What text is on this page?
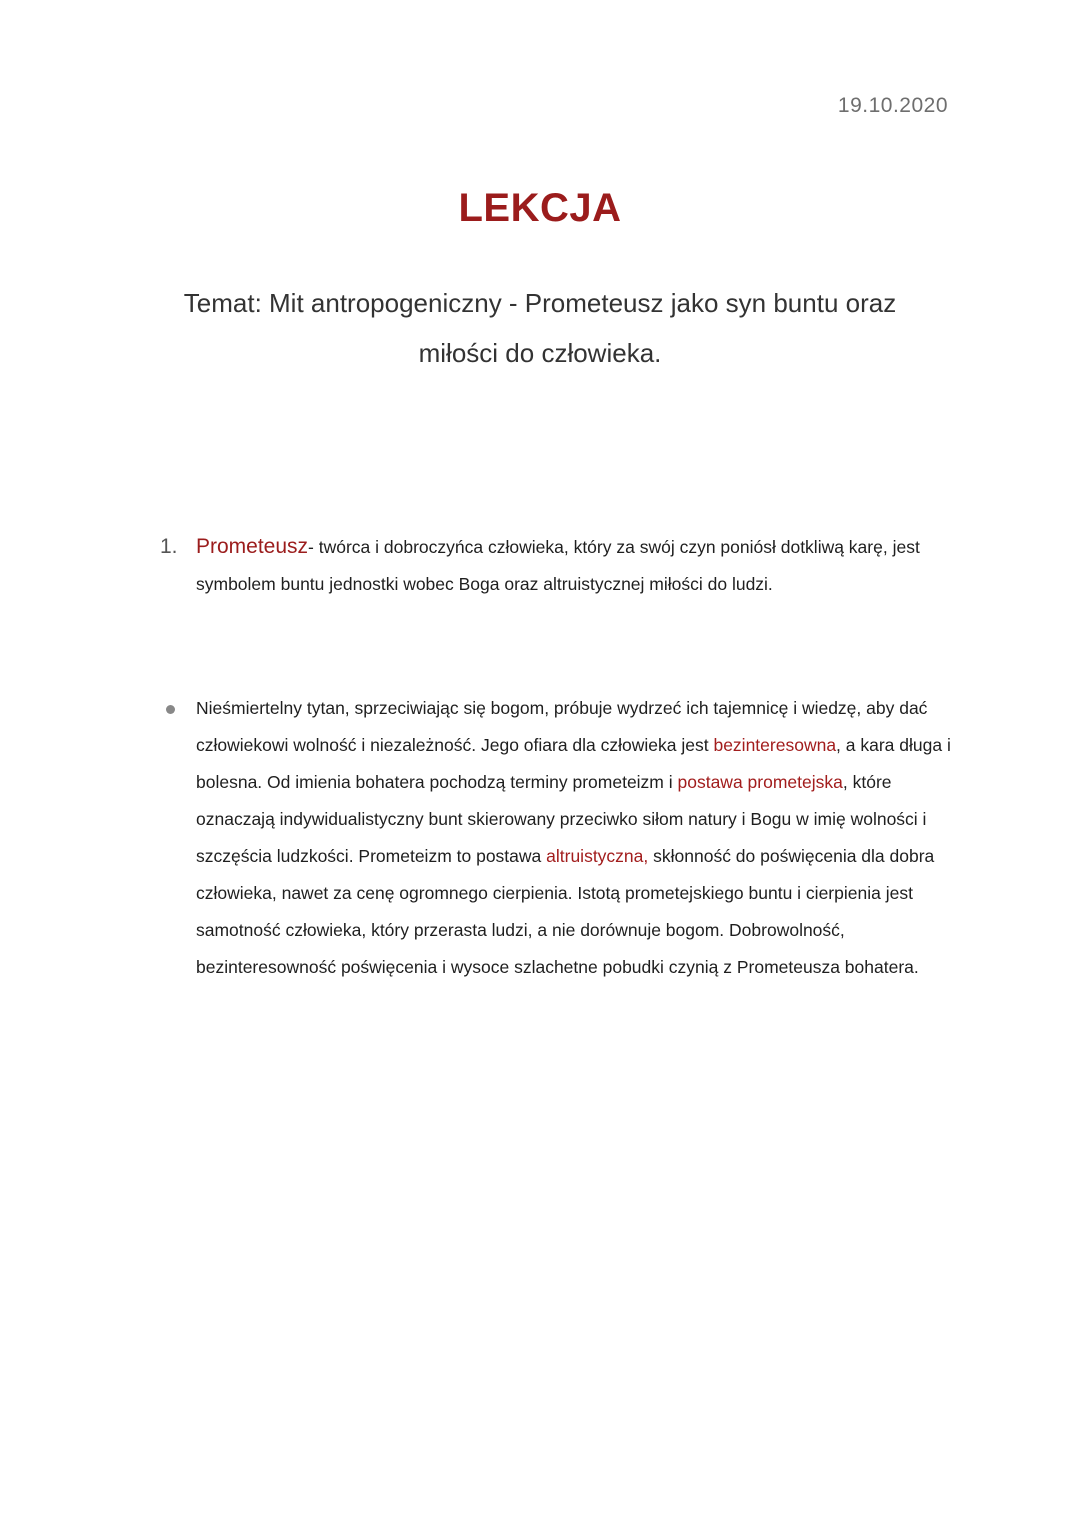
19.10.2020
LEKCJA
Temat: Mit antropogeniczny - Prometeusz jako syn buntu oraz miłości do człowieka.
1. Prometeusz- twórca i dobroczyńca człowieka, który za swój czyn poniósł dotkliwą karę, jest symbolem buntu jednostki wobec Boga oraz altruistycznej miłości do ludzi.
Nieśmiertelny tytan, sprzeciwiając się bogom, próbuje wydrzeć ich tajemnicę i wiedzę, aby dać człowiekowi wolność i niezależność. Jego ofiara dla człowieka jest bezinteresowna, a kara długa i bolesna. Od imienia bohatera pochodzą terminy prometeizm i postawa prometejska, które oznaczają indywidualistyczny bunt skierowany przeciwko siłom natury i Bogu w imię wolności i szczęścia ludzkości. Prometeizm to postawa altruistyczna, skłonność do poświęcenia dla dobra człowieka, nawet za cenę ogromnego cierpienia. Istotą prometejskiego buntu i cierpienia jest samotność człowieka, który przerasta ludzi, a nie dorównuje bogom. Dobrowolność, bezinteresowność poświęcenia i wysoce szlachetne pobudki czynią z Prometeusza bohatera.
